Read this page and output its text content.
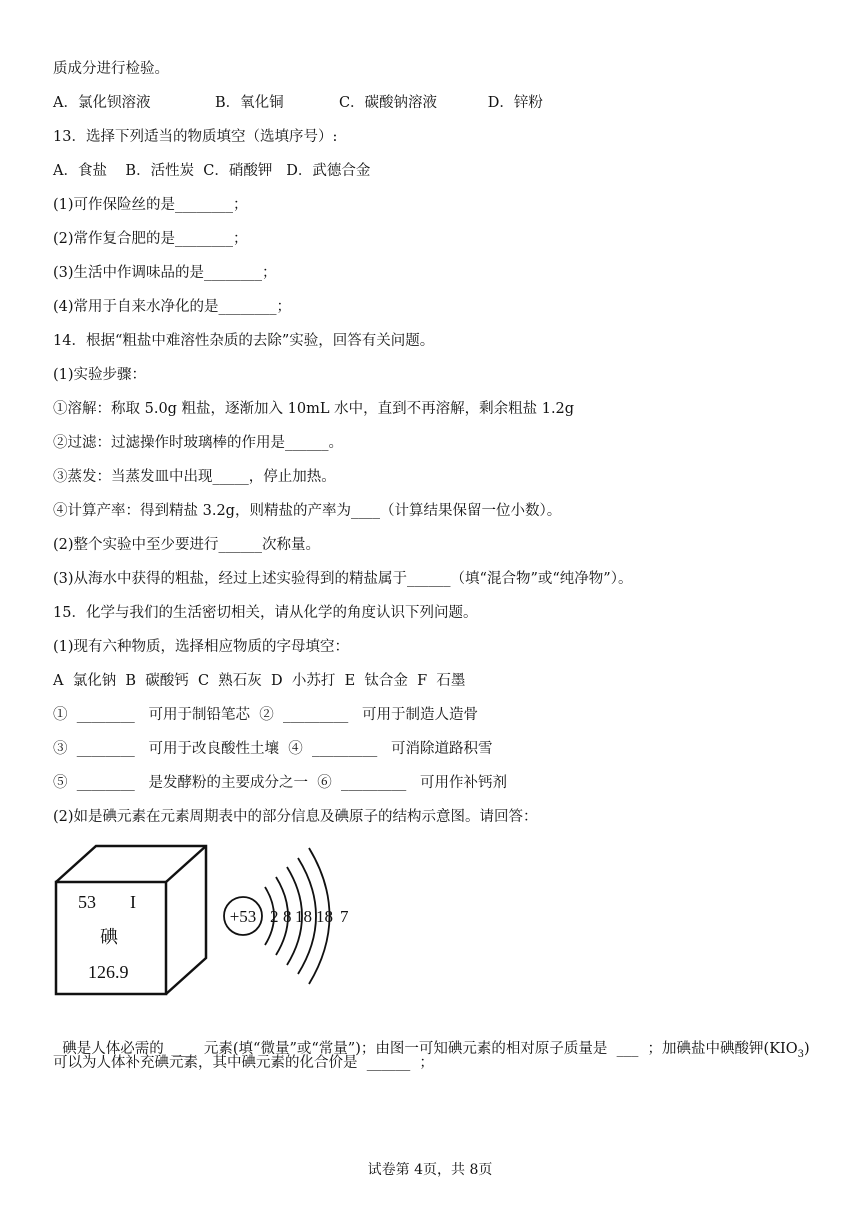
质成分进行检验。
A．氯化钡溶液              B．氧化铜            C．碳酸钠溶液           D．锌粉
13．选择下列适当的物质填空（选填序号）:
A．食盐    B．活性炭  C．硝酸钾   D．武德合金
(1)可作保险丝的是________；
(2)常作复合肥的是________；
(3)生活中作调味品的是________；
(4)常用于自来水净化的是________；
14．根据“粗盐中难溶性杂质的去除”实验，回答有关问题。
(1)实验步骤：
①溶解：称取 5.0g 粗盐，逐渐加入 10mL 水中，直到不再溶解，剩余粗盐 1.2g
②过滤：过滤操作时玻璃棒的作用是______。
③蒸发：当蒸发皿中出现_____，停止加热。
④计算产率：得到精盐 3.2g，则精盐的产率为____（计算结果保留一位小数）。
(2)整个实验中至少要进行______次称量。
(3)从海水中获得的粗盐，经过上述实验得到的精盐属于______（填“混合物”或“纯净物”）。
15．化学与我们的生活密切相关，请从化学的角度认识下列问题。
(1)现有六种物质，选择相应物质的字母填空：
A  氯化钠  B  碳酸钙  C  熟石灰  D  小苏打  E  钛合金  F  石墨
①  ________   可用于制铅笔芯  ②  _________   可用于制造人造骨
③  ________   可用于改良酸性土壤  ④  _________   可消除道路积雪
⑤  ________   是发酵粉的主要成分之一  ⑥  _________   可用作补钙剂
(2)如是碘元素在元素周期表中的部分信息及碘原子的结构示意图。请回答：
53 I
碘
126.9
+53 2 8 18 18 7

碘是人体必需的  ___  元素(填“微量”或“常量”)；由图一可知碘元素的相对原子质量是  ___  ；加碘盐中碘酸钾$(KIO_3)$

可以为人体补充碘元素，其中碘元素的化合价是  ______  ；
试卷第 4页，共 8页
